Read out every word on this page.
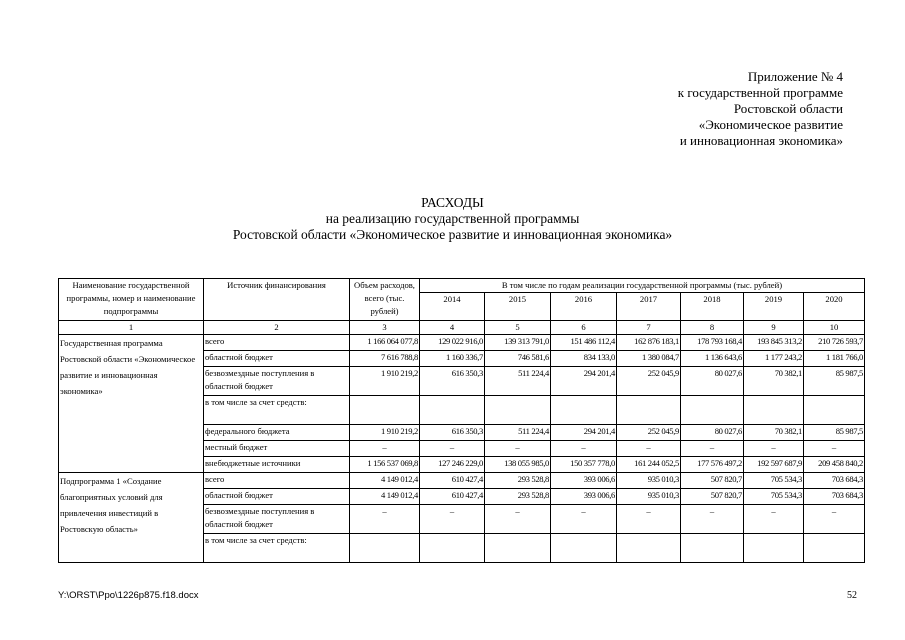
Приложение № 4
к государственной программе
Ростовской области
«Экономическое развитие
и инновационная экономика»
РАСХОДЫ
на реализацию государственной программы
Ростовской области «Экономическое развитие и инновационная экономика»
Наименование государственной программы, номер и наименование подпрограммы	Источник финансирования	Объем расходов, всего (тыс. рублей)	В том числе по годам реализации государственной программы (тыс. рублей)						
			2014	2015	2016	2017	2018	2019	2020
1	2	3	4	5	6	7	8	9	10
Государственная программа Ростовской области «Экономическое развитие и инновационная экономика»	всего	1 166 064 077,8	129 022 916,0	139 313 791,0	151 486 112,4	162 876 183,1	178 793 168,4	193 845 313,2	210 726 593,7
	областной бюджет	7 616 788,8	1 160 336,7	746 581,6	834 133,0	1 380 084,7	1 136 643,6	1 177 243,2	1 181 766,0
	безвозмездные поступления в областной бюджет	1 910 219,2	616 350,3	511 224,4	294 201,4	252 045,9	80 027,6	70 382,1	85 987,5
	в том числе за счет средств:								
	федерального бюджета	1 910 219,2	616 350,3	511 224,4	294 201,4	252 045,9	80 027,6	70 382,1	85 987,5
	местный бюджет	–	–	–	–	–	–	–	–
	внебюджетные источники	1 156 537 069,8	127 246 229,0	138 055 985,0	150 357 778,0	161 244 052,5	177 576 497,2	192 597 687,9	209 458 840,2
Подпрограмма 1 «Создание благоприятных условий для привлечения инвестиций в Ростовскую область»	всего	4 149 012,4	610 427,4	293 528,8	393 006,6	935 010,3	507 820,7	705 534,3	703 684,3
	областной бюджет	4 149 012,4	610 427,4	293 528,8	393 006,6	935 010,3	507 820,7	705 534,3	703 684,3
	безвозмездные поступления в областной бюджет	–	–	–	–	–	–	–	–
	в том числе за счет средств:								
Y:\ORST\Ppo\1226p875.f18.docx	52
